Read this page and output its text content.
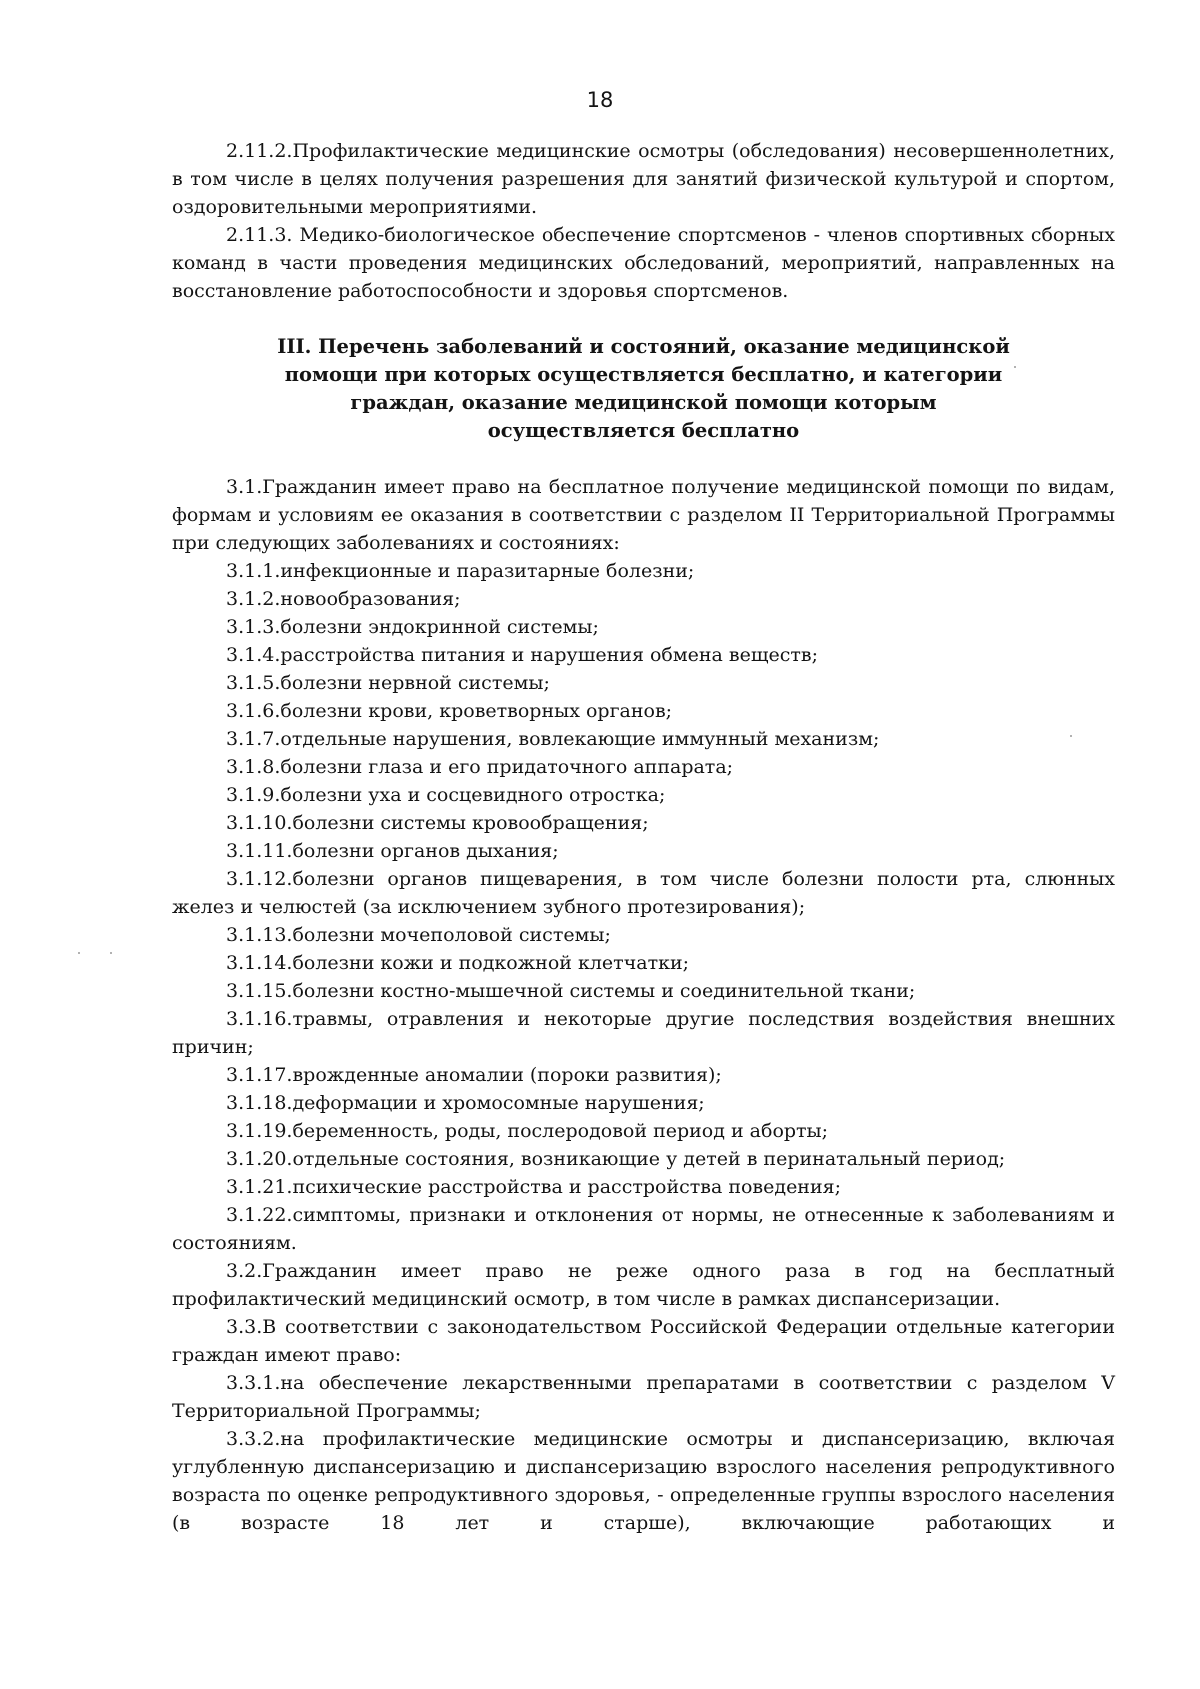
18

2.11.2.Профилактические медицинские осмотры (обследования) несовершеннолетних, в том числе в целях получения разрешения для занятий физической культурой и спортом, оздоровительными мероприятиями.

2.11.3. Медико-биологическое обеспечение спортсменов - членов спортивных сборных команд в части проведения медицинских обследований, мероприятий, направленных на восстановление работоспособности и здоровья спортсменов.

III. Перечень заболеваний и состояний, оказание медицинской
помощи при которых осуществляется бесплатно, и категории
граждан, оказание медицинской помощи которым
осуществляется бесплатно

3.1.Гражданин имеет право на бесплатное получение медицинской помощи по видам, формам и условиям ее оказания в соответствии с разделом II Территориальной Программы при следующих заболеваниях и состояниях:

3.1.1.инфекционные и паразитарные болезни;

3.1.2.новообразования;

3.1.3.болезни эндокринной системы;

3.1.4.расстройства питания и нарушения обмена веществ;

3.1.5.болезни нервной системы;

3.1.6.болезни крови, кроветворных органов;

3.1.7.отдельные нарушения, вовлекающие иммунный механизм;

3.1.8.болезни глаза и его придаточного аппарата;

3.1.9.болезни уха и сосцевидного отростка;

3.1.10.болезни системы кровообращения;

3.1.11.болезни органов дыхания;

3.1.12.болезни органов пищеварения, в том числе болезни полости рта, слюнных желез и челюстей (за исключением зубного протезирования);

3.1.13.болезни мочеполовой системы;

3.1.14.болезни кожи и подкожной клетчатки;

3.1.15.болезни костно-мышечной системы и соединительной ткани;

3.1.16.травмы, отравления и некоторые другие последствия воздействия внешних причин;

3.1.17.врожденные аномалии (пороки развития);

3.1.18.деформации и хромосомные нарушения;

3.1.19.беременность, роды, послеродовой период и аборты;

3.1.20.отдельные состояния, возникающие у детей в перинатальный период;

3.1.21.психические расстройства и расстройства поведения;

3.1.22.симптомы, признаки и отклонения от нормы, не отнесенные к заболеваниям и состояниям.

3.2.Гражданин имеет право не реже одного раза в год на бесплатный профилактический медицинский осмотр, в том числе в рамках диспансеризации.

3.3.В соответствии с законодательством Российской Федерации отдельные категории граждан имеют право:

3.3.1.на обеспечение лекарственными препаратами в соответствии с разделом V Территориальной Программы;

3.3.2.на профилактические медицинские осмотры и диспансеризацию, включая углубленную диспансеризацию и диспансеризацию взрослого населения репродуктивного возраста по оценке репродуктивного здоровья, - определенные группы взрослого населения (в возрасте 18 лет и старше), включающие работающих и
